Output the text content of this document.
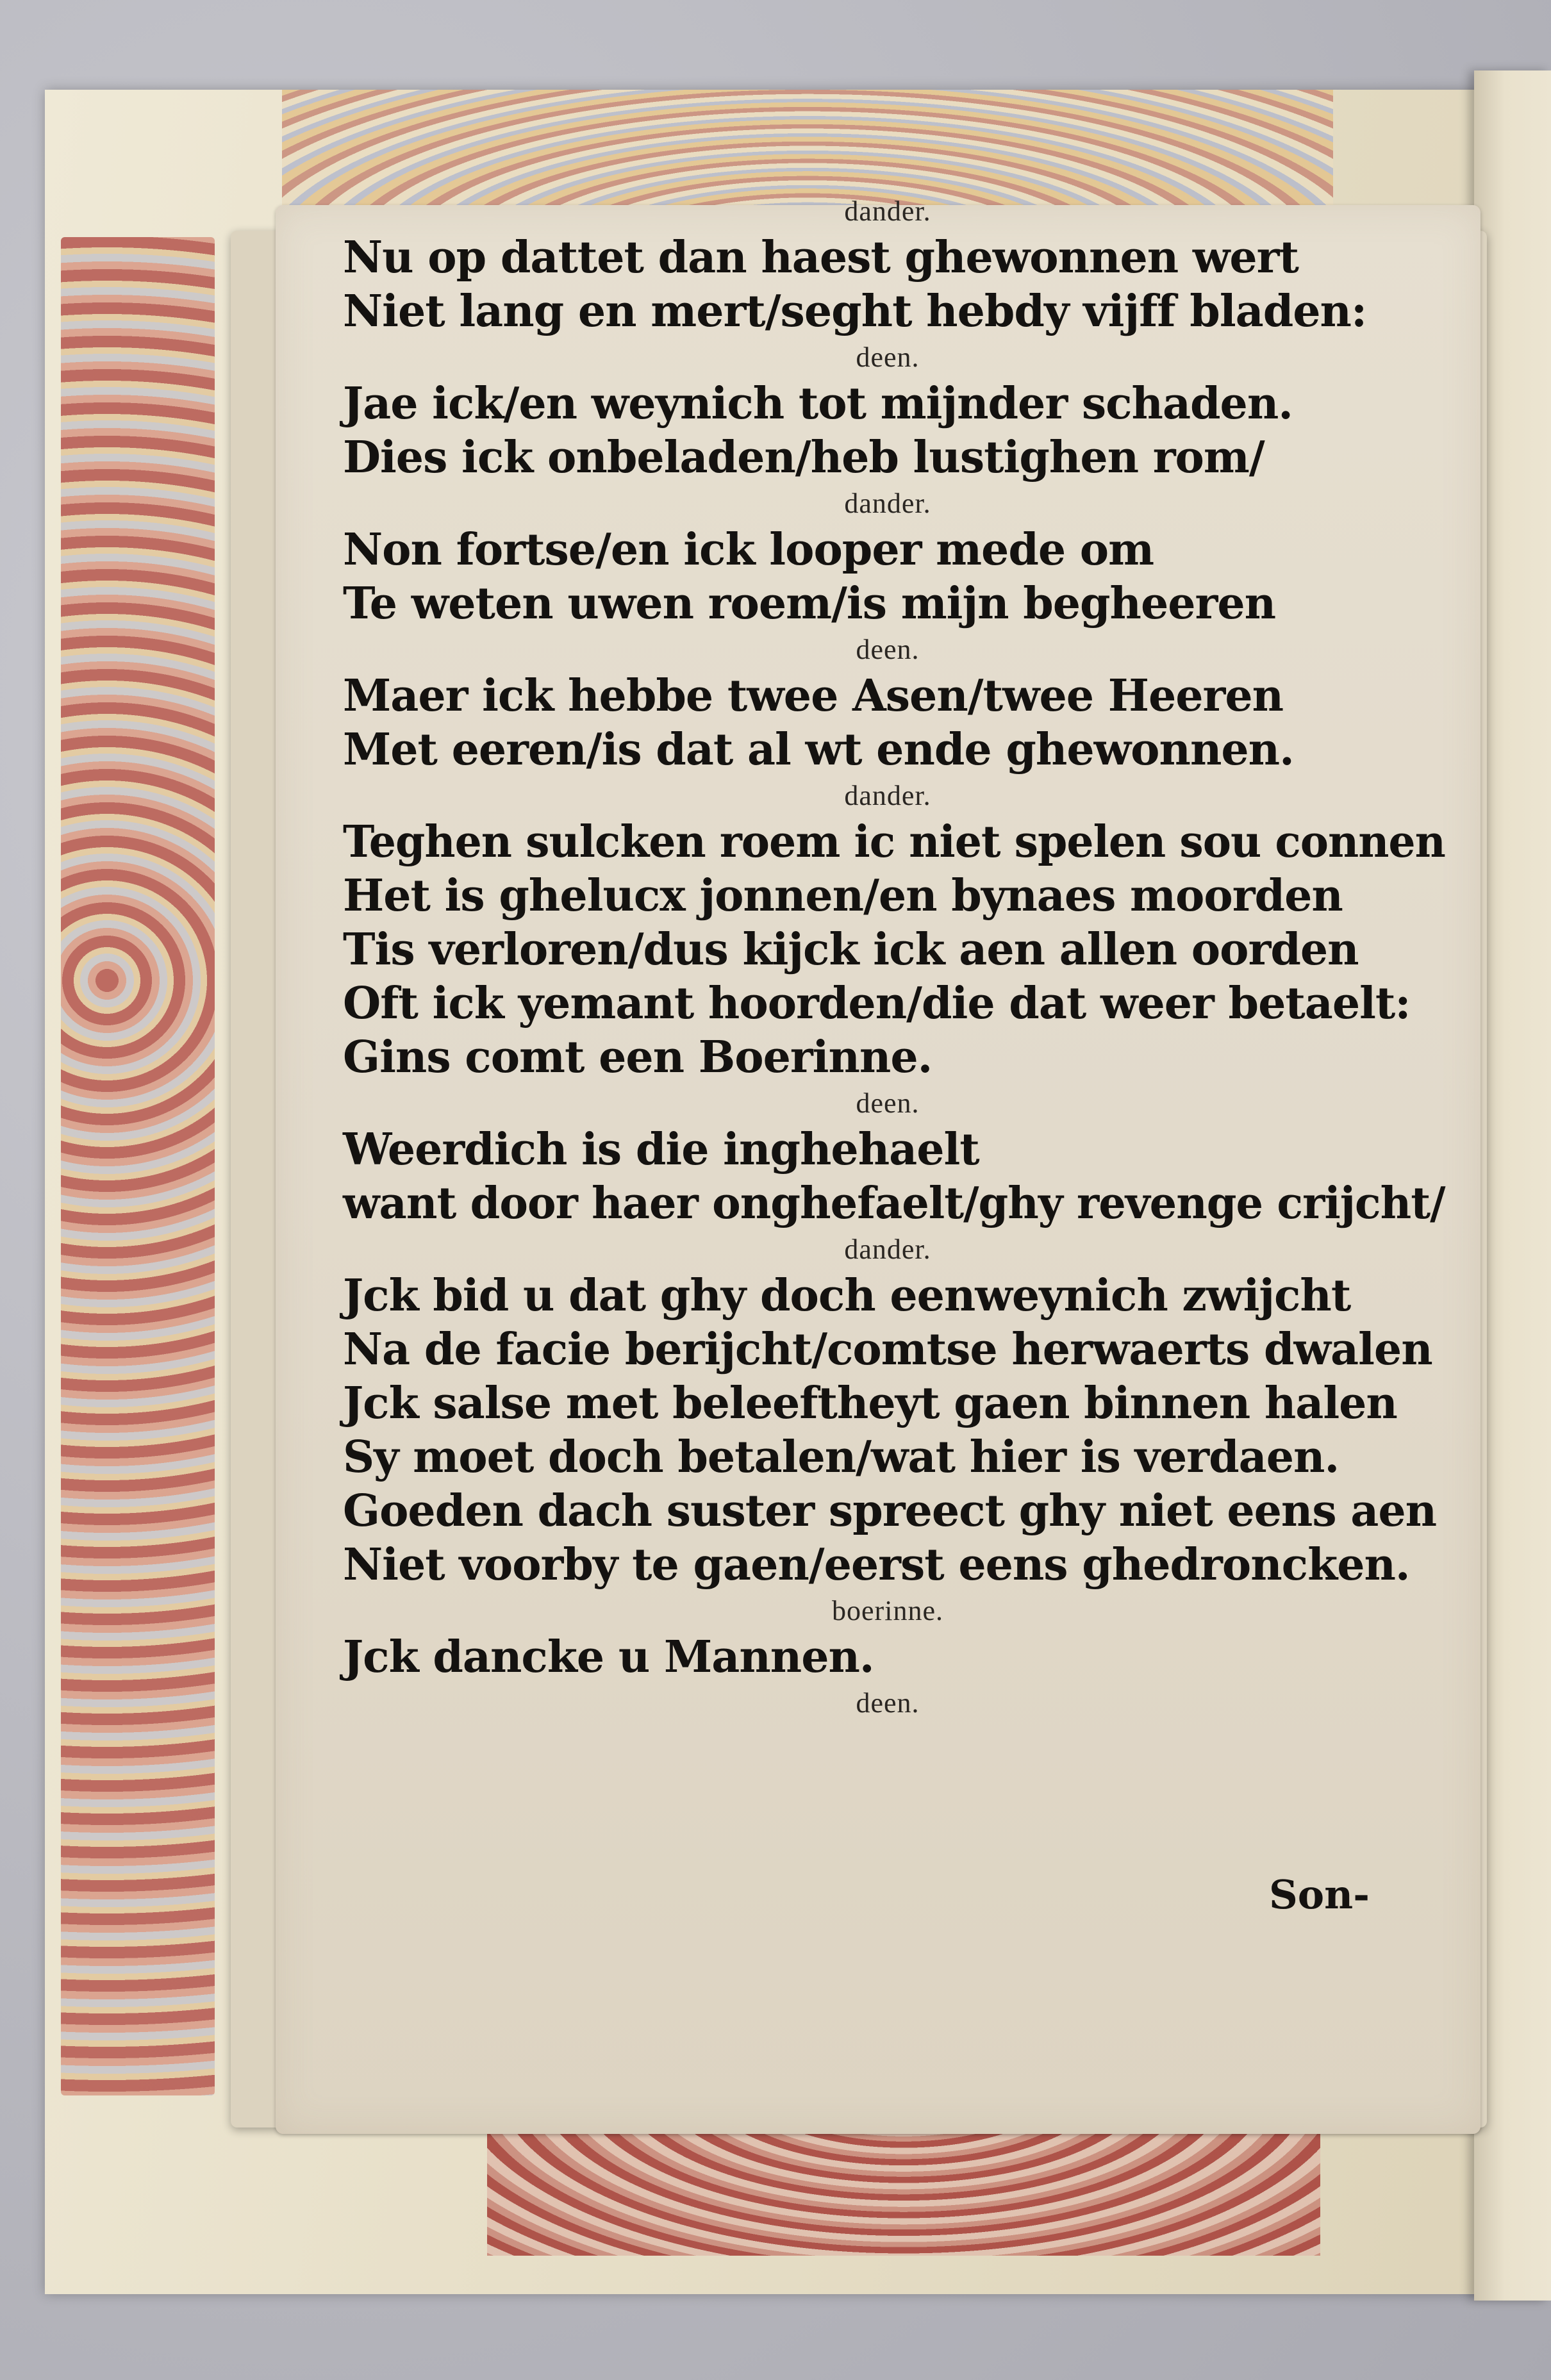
dander.
Nu op dattet dan haest ghewonnen wert
Niet lang en mert/seght hebdy vijff bladen:
deen.
Jae ick/en weynich tot mijnder schaden.
Dies ick onbeladen/heb lustighen rom/
dander.
Non fortse/en ick looper mede om
Te weten uwen roem/is mijn begheeren
deen.
Maer ick hebbe twee Asen/twee Heeren
Met eeren/is dat al wt ende ghewonnen.
dander.
Teghen sulcken roem ic niet spelen sou connen
Het is ghelucx jonnen/en bynaes moorden
Tis verloren/dus kijck ick aen allen oorden
Oft ick yemant hoorden/die dat weer betaelt:
Gins comt een Boerinne.
deen.
Weerdich is die inghehaelt
want door haer onghefaelt/ghy revenge crijcht/
dander.
Jck bid u dat ghy doch eenweynich zwijcht
Na de facie berijcht/comtse herwaerts dwalen
Jck salse met beleeftheyt gaen binnen halen
Sy moet doch betalen/wat hier is verdaen.
Goeden dach suster spreect ghy niet eens aen
Niet voorby te gaen/eerst eens ghedroncken.
boerinne.
Jck dancke u Mannen.
deen.
Son-
